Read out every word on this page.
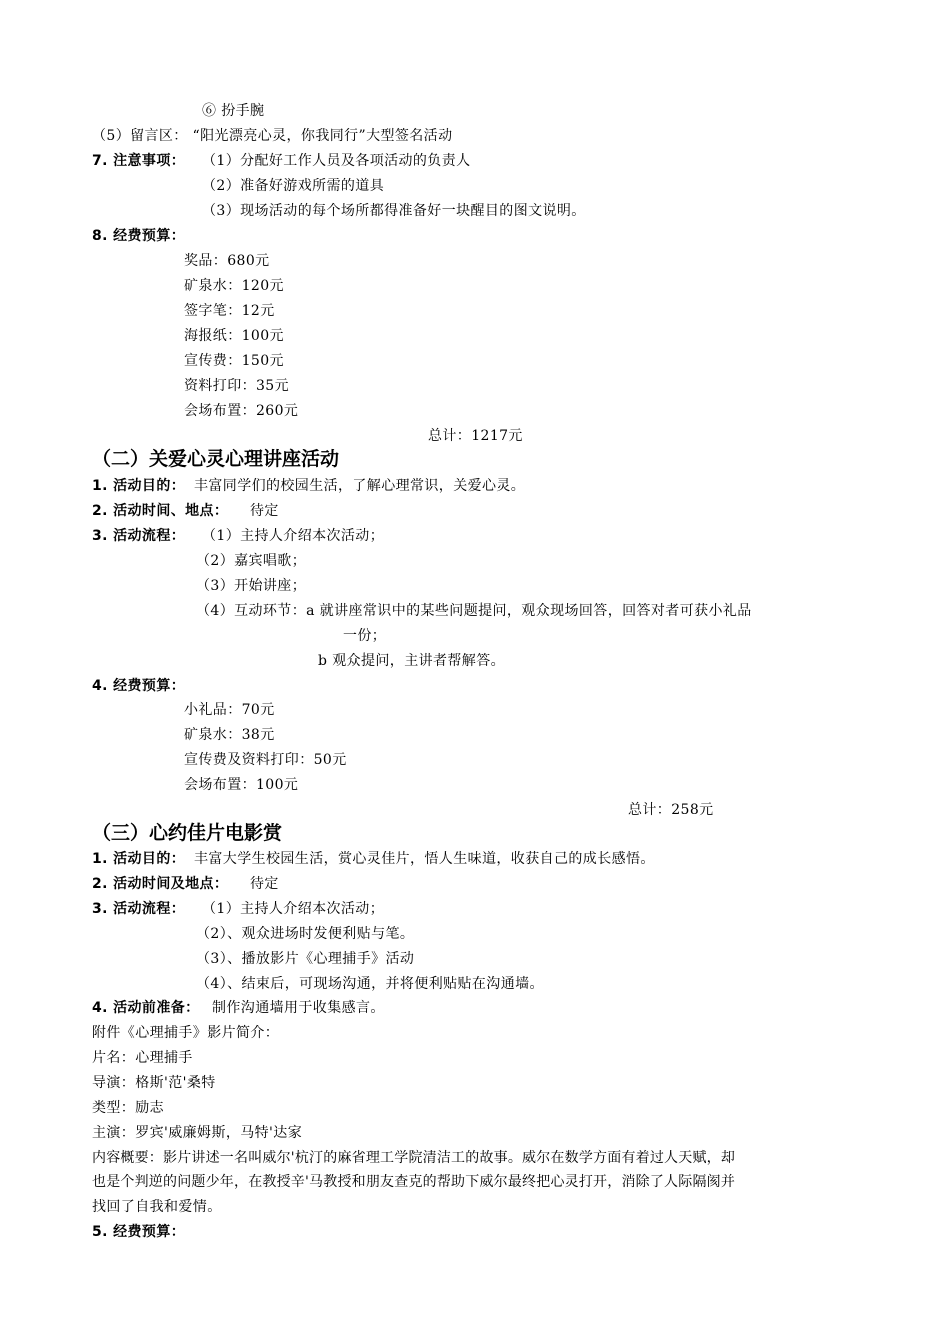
⑥ 扮手腕
（5）留言区： “阳光漂亮心灵，你我同行”大型签名活动
7. 注意事项： （1）分配好工作人员及各项活动的负责人
（2）准备好游戏所需的道具
（3）现场活动的每个场所都得准备好一块醒目的图文说明。
8. 经费预算：
奖品：680元
矿泉水：120元
签字笔：12元
海报纸：100元
宣传费：150元
资料打印：35元
会场布置：260元
总计：1217元
（二）关爱心灵心理讲座活动
1. 活动目的： 丰富同学们的校园生活，了解心理常识，关爱心灵。
2. 活动时间、地点： 待定
3. 活动流程： （1）主持人介绍本次活动；
（2）嘉宾唱歌；
（3）开始讲座；
（4）互动环节：a 就讲座常识中的某些问题提问，观众现场回答，回答对者可获小礼品
一份；
b 观众提问，主讲者帮解答。
4. 经费预算：
小礼品：70元
矿泉水：38元
宣传费及资料打印：50元
会场布置：100元
总计：258元
（三）心约佳片电影赏
1. 活动目的： 丰富大学生校园生活，赏心灵佳片，悟人生味道，收获自己的成长感悟。
2. 活动时间及地点： 待定
3. 活动流程： （1）主持人介绍本次活动；
（2）、观众进场时发便利贴与笔。
（3）、播放影片《心理捕手》活动
（4）、结束后，可现场沟通，并将便利贴贴在沟通墙。
4. 活动前准备： 制作沟通墙用于收集感言。
附件《心理捕手》影片简介：
片名：心理捕手
导演：格斯'范'桑特
类型：励志
主演：罗宾'威廉姆斯，马特'达家
内容概要：影片讲述一名叫威尔'杭汀的麻省理工学院清洁工的故事。威尔在数学方面有着过人天赋，却
也是个判逆的问题少年，在教授辛'马教授和朋友查克的帮助下威尔最终把心灵打开，消除了人际隔阂并
找回了自我和爱情。
5. 经费预算：
